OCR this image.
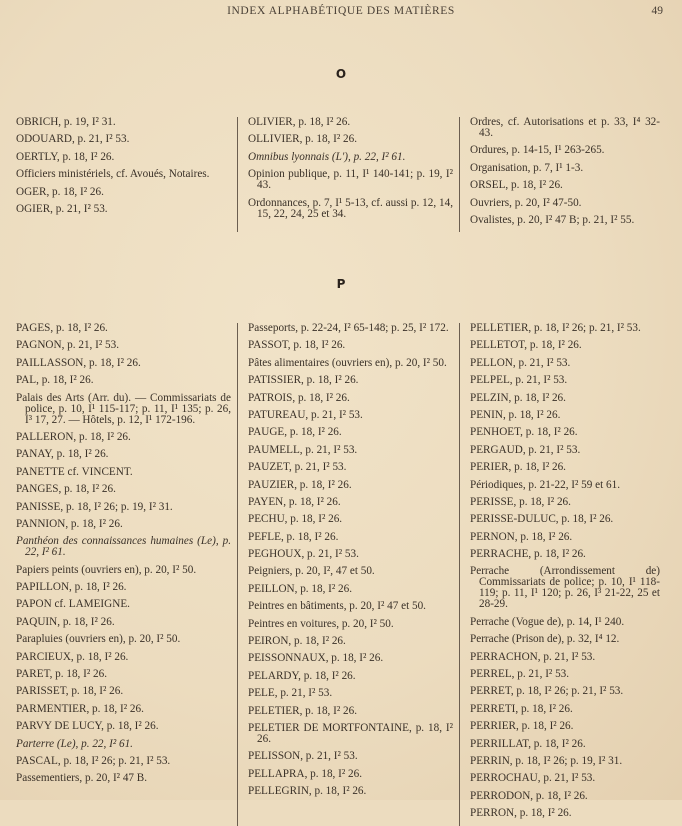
INDEX ALPHABÉTIQUE DES MATIÈRES	49
O
OBRICH, p. 19, I² 31.
ODOUARD, p. 21, I² 53.
OERTLY, p. 18, I² 26.
Officiers ministériels, cf. Avoués, Notaires.
OGER, p. 18, I² 26.
OGIER, p. 21, I² 53.
OLIVIER, p. 18, I² 26.
OLLIVIER, p. 18, I² 26.
Omnibus lyonnais (L'), p. 22, I² 61.
Opinion publique, p. 11, I¹ 140-141; p. 19, I² 43.
Ordonnances, p. 7, I¹ 5-13, cf. aussi p. 12, 14, 15, 22, 24, 25 et 34.
Ordres, cf. Autorisations et p. 33, I⁴ 32-43.
Ordures, p. 14-15, I¹ 263-265.
Organisation, p. 7, I¹ 1-3.
ORSEL, p. 18, I² 26.
Ouvriers, p. 20, I² 47-50.
Ovalistes, p. 20, I² 47 B; p. 21, I² 55.
P
PAGES, p. 18, I² 26.
PAGNON, p. 21, I² 53.
PAILLASSON, p. 18, I² 26.
PAL, p. 18, I² 26.
Palais des Arts (Arr. du). — Commissariats de police, p. 10, I¹ 115-117; p. 11, I¹ 135; p. 26, I³ 17, 27. — Hôtels, p. 12, I¹ 172-196.
PALLERON, p. 18, I² 26.
PANAY, p. 18, I² 26.
PANETTE cf. VINCENT.
PANGES, p. 18, I² 26.
PANISSE, p. 18, I² 26; p. 19, I² 31.
PANNION, p. 18, I² 26.
Panthéon des connaissances humaines (Le), p. 22, I² 61.
Papiers peints (ouvriers en), p. 20, I² 50.
PAPILLON, p. 18, I² 26.
PAPON cf. LAMEIGNE.
PAQUIN, p. 18, I² 26.
Parapluies (ouvriers en), p. 20, I² 50.
PARCIEUX, p. 18, I² 26.
PARET, p. 18, I² 26.
PARISSET, p. 18, I² 26.
PARMENTIER, p. 18, I² 26.
PARVY DE LUCY, p. 18, I² 26.
Parterre (Le), p. 22, I² 61.
PASCAL, p. 18, I² 26; p. 21, I² 53.
Passementiers, p. 20, I² 47 B.
Passeports, p. 22-24, I² 65-148; p. 25, I² 172.
PASSOT, p. 18, I² 26.
Pâtes alimentaires (ouvriers en), p. 20, I² 50.
PATISSIER, p. 18, I² 26.
PATROIS, p. 18, I² 26.
PATUREAU, p. 21, I² 53.
PAUGE, p. 18, I² 26.
PAUMELL, p. 21, I² 53.
PAUZET, p. 21, I² 53.
PAUZIER, p. 18, I² 26.
PAYEN, p. 18, I² 26.
PECHU, p. 18, I² 26.
PEFLE, p. 18, I² 26.
PEGHOUX, p. 21, I² 53.
Peigniers, p. 20, I², 47 et 50.
PEILLON, p. 18, I² 26.
Peintres en bâtiments, p. 20, I² 47 et 50.
Peintres en voitures, p. 20, I² 50.
PEIRON, p. 18, I² 26.
PEISSONNAUX, p. 18, I² 26.
PELARDY, p. 18, I² 26.
PELE, p. 21, I² 53.
PELETIER, p. 18, I² 26.
PELETIER DE MORTFONTAINE, p. 18, I² 26.
PELISSON, p. 21, I² 53.
PELLAPRA, p. 18, I² 26.
PELLEGRIN, p. 18, I² 26.
PELLETIER, p. 18, I² 26; p. 21, I² 53.
PELLETOT, p. 18, I² 26.
PELLON, p. 21, I² 53.
PELPEL, p. 21, I² 53.
PELZIN, p. 18, I² 26.
PENIN, p. 18, I² 26.
PENHOET, p. 18, I² 26.
PERGAUD, p. 21, I² 53.
PERIER, p. 18, I² 26.
Périodiques, p. 21-22, I² 59 et 61.
PERISSE, p. 18, I² 26.
PERISSE-DULUC, p. 18, I² 26.
PERNON, p. 18, I² 26.
PERRACHE, p. 18, I² 26.
Perrache (Arrondissement de) Commissariats de police; p. 10, I¹ 118-119; p. 11, I¹ 120; p. 26, I³ 21-22, 25 et 28-29.
Perrache (Vogue de), p. 14, I¹ 240.
Perrache (Prison de), p. 32, I⁴ 12.
PERRACHON, p. 21, I² 53.
PERREL, p. 21, I² 53.
PERRET, p. 18, I² 26; p. 21, I² 53.
PERRETI, p. 18, I² 26.
PERRIER, p. 18, I² 26.
PERRILLAT, p. 18, I² 26.
PERRIN, p. 18, I² 26; p. 19, I² 31.
PERROCHAU, p. 21, I² 53.
PERRODON, p. 18, I² 26.
PERRON, p. 18, I² 26.
